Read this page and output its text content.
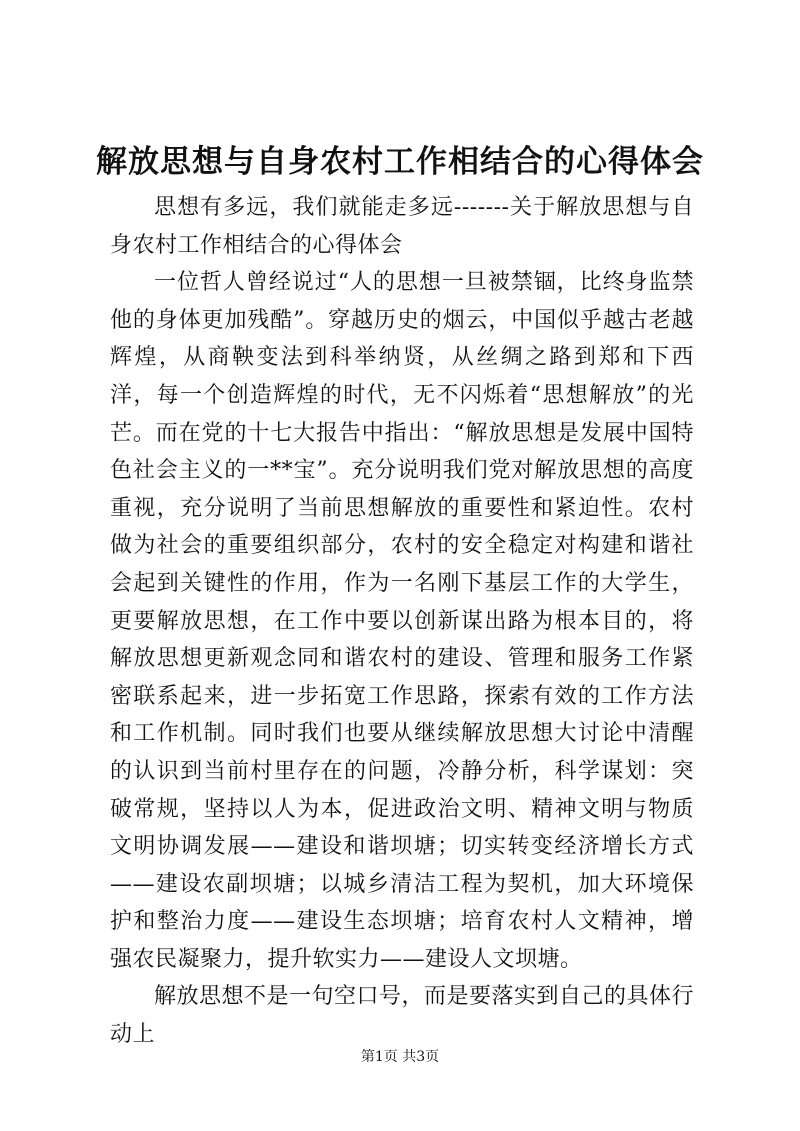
解放思想与自身农村工作相结合的心得体会

思想有多远，我们就能走多远-------关于解放思想与自身农村工作相结合的心得体会

一位哲人曾经说过“人的思想一旦被禁锢，比终身监禁他的身体更加残酷”。穿越历史的烟云，中国似乎越古老越辉煌，从商鞅变法到科举纳贤，从丝绸之路到郑和下西洋，每一个创造辉煌的时代，无不闪烁着“思想解放”的光芒。而在党的十七大报告中指出：“解放思想是发展中国特色社会主义的一**宝”。充分说明我们党对解放思想的高度重视，充分说明了当前思想解放的重要性和紧迫性。农村做为社会的重要组织部分，农村的安全稳定对构建和谐社会起到关键性的作用，作为一名刚下基层工作的大学生，更要解放思想，在工作中要以创新谋出路为根本目的，将解放思想更新观念同和谐农村的建设、管理和服务工作紧密联系起来，进一步拓宽工作思路，探索有效的工作方法和工作机制。同时我们也要从继续解放思想大讨论中清醒的认识到当前村里存在的问题，冷静分析，科学谋划：突破常规，坚持以人为本，促进政治文明、精神文明与物质文明协调发展——建设和谐坝塘；切实转变经济增长方式——建设农副坝塘；以城乡清洁工程为契机，加大环境保护和整治力度——建设生态坝塘；培育农村人文精神，增强农民凝聚力，提升软实力——建设人文坝塘。

解放思想不是一句空口号，而是要落实到自己的具体行动上

第1页 共3页
